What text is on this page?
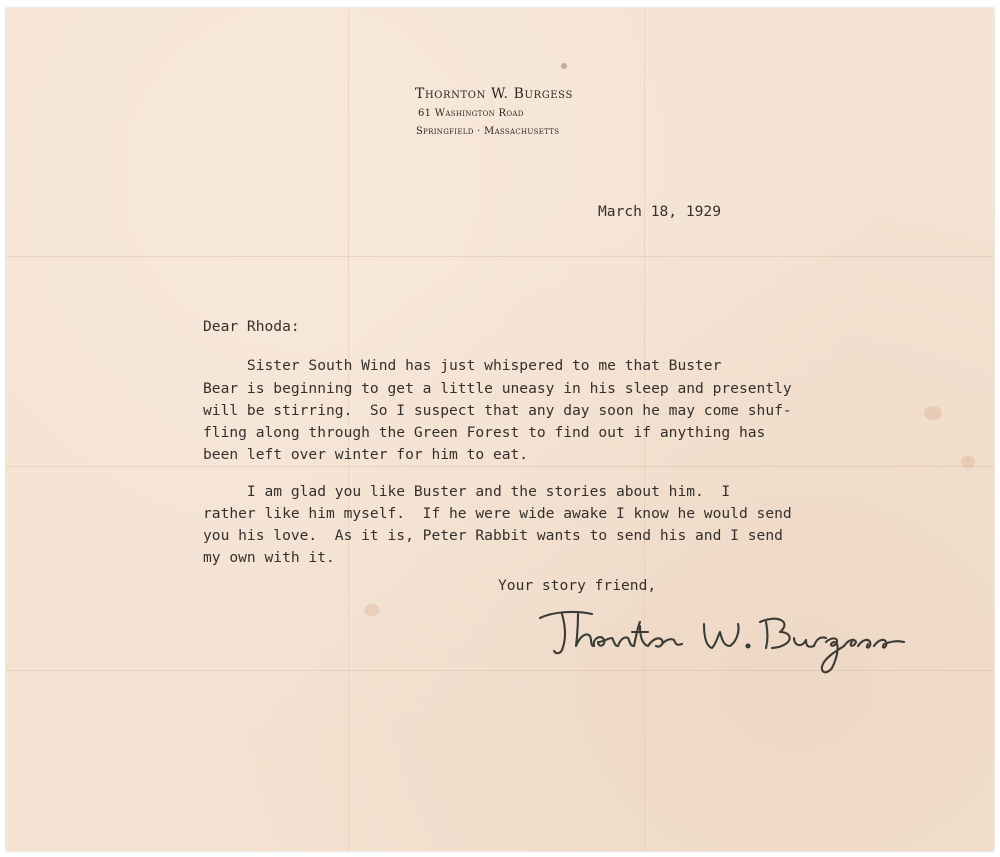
Thornton W. Burgess
61 Washington Road
Springfield · Massachusetts
March 18, 1929
Dear Rhoda:
Sister South Wind has just whispered to me that Buster
Bear is beginning to get a little uneasy in his sleep and presently
will be stirring.  So I suspect that any day soon he may come shuf-
fling along through the Green Forest to find out if anything has
been left over winter for him to eat.
I am glad you like Buster and the stories about him.  I
rather like him myself.  If he were wide awake I know he would send
you his love.  As it is, Peter Rabbit wants to send his and I send
my own with it.
Your story friend,
